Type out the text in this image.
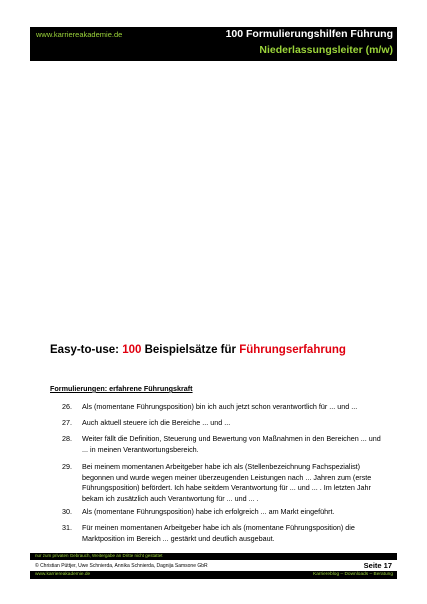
www.karriereakademie.de	100 Formulierungshilfen Führung
Niederlassungsleiter (m/w)
Easy-to-use: 100 Beispielsätze für Führungserfahrung
Formulierungen: erfahrene Führungskraft
26.	Als (momentane Führungsposition) bin ich auch jetzt schon verantwortlich für ... und ...
27.	Auch aktuell steuere ich die Bereiche ... und ...
28.	Weiter fällt die Definition, Steuerung und Bewertung von Maßnahmen in den Bereichen ... und ... in meinen Verantwortungsbereich.
29.	Bei meinem momentanen Arbeitgeber habe ich als (Stellenbezeichnung Fachspezialist) begonnen und wurde wegen meiner überzeugenden Leistungen nach ... Jahren zum (erste Führungsposition) befördert. Ich habe seitdem Verantwortung für ... und ... . Im letzten Jahr bekam ich zusätzlich auch Verantwortung für ... und ... .
30.	Als (momentane Führungsposition) habe ich erfolgreich ... am Markt eingeführt.
31.	Für meinen momentanen Arbeitgeber habe ich als (momentane Führungsposition) die Marktposition im Bereich ... gestärkt und deutlich ausgebaut.
nur zum privaten Gebrauch, Weitergabe an Dritte nicht gestattet
© Christian Püttjer, Uwe Schnierda, Annika Schnierda, Dagnija Samsone GbR	Seite 17
www.karriereakademie.de	Karriereblog – Downloads – Beratung
